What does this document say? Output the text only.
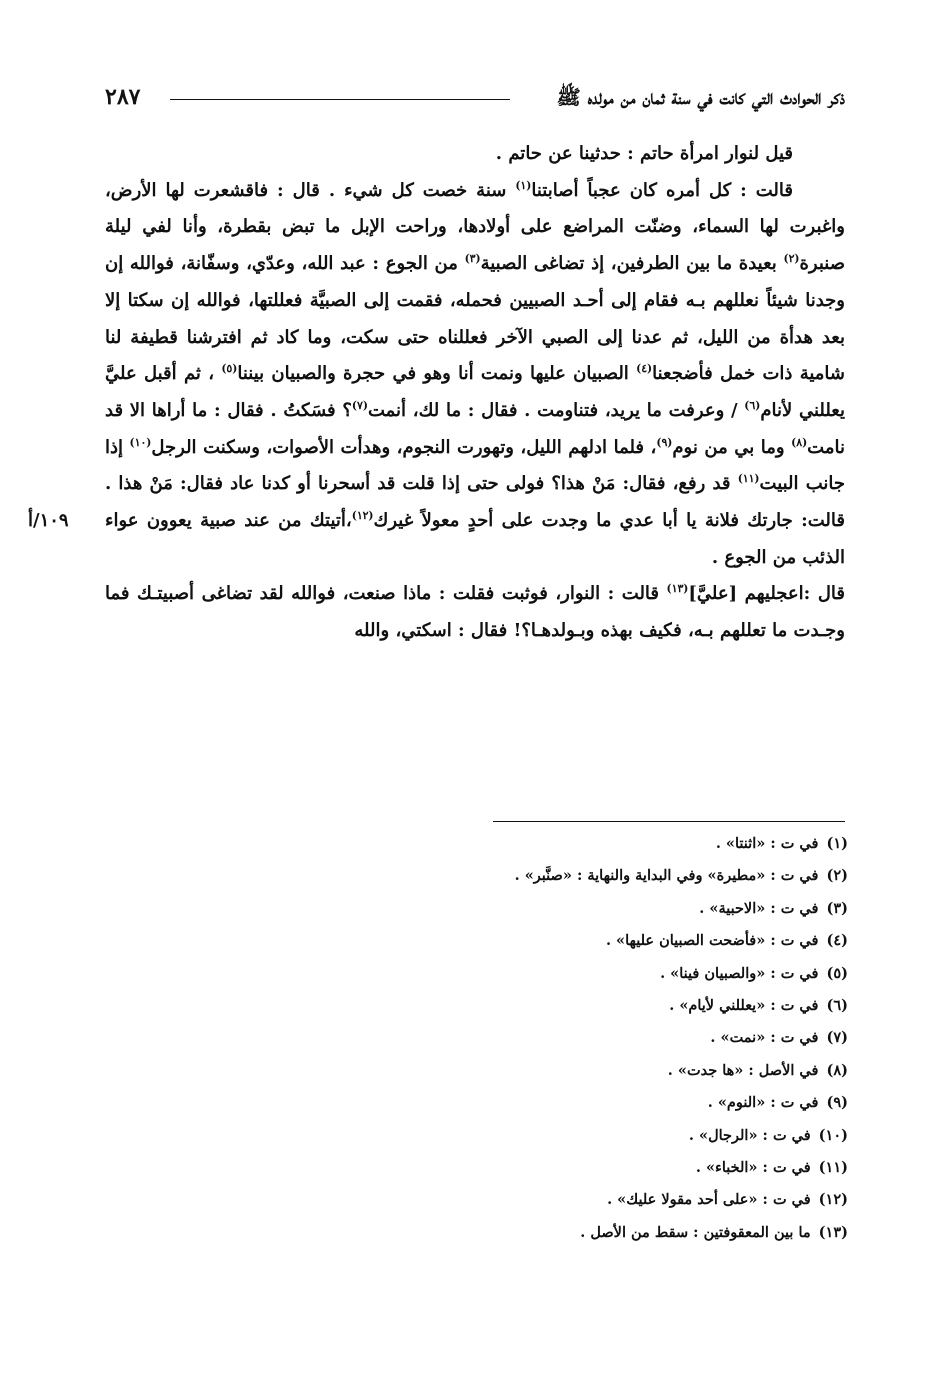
ذكر الحوادث التي كانت في سنة ثمان من مولده ﷺ
٢٨٧

قيل لنوار امرأة حاتم : حدثينا عن حاتم .

قالت : كل أمره كان عجباً أصابتنا$^{(١)}$ سنة خصت كل شيء . قال : فاقشعرت لها الأرض، واغبرت لها السماء، وضنّت المراضع على أولادها، وراحت الإبل ما تبض بقطرة، وأنا لفي ليلة صنبرة$^{(٢)}$ بعيدة ما بين الطرفين، إذ تضاغى الصبية$^{(٣)}$ من الجوع : عبد الله، وعدّي، وسفّانة، فوالله إن وجدنا شيئاً نعللهم بـه فقام إلى أحـد الصبيين فحمله، فقمت إلى الصبيَّة فعللتها، فوالله إن سكتا إلا بعد هدأة من الليل، ثم عدنا إلى الصبي الآخر فعللناه حتى سكت، وما كاد ثم افترشنا قطيفة لنا شامية ذات خمل فأضجعنا$^{(٤)}$ الصبيان عليها ونمت أنا وهو في حجرة والصبيان بيننا$^{(٥)}$ ، ثم أقبل عليَّ يعللني لأنام$^{(٦)}$ / وعرفت ما يريد، فتناومت . فقال : ما لك، أنمت$^{(٧)}$؟ فسَكتُ . فقال : ما أراها الا قد نامت$^{(٨)}$ وما بي من نوم$^{(٩)}$، فلما ادلهم الليل، وتهورت النجوم، وهدأت الأصوات، وسكنت الرجل$^{(١٠)}$ إذا جانب البيت$^{(١١)}$ قد رفع، فقال: مَنْ هذا؟ فولى حتى إذا قلت قد أسحرنا أو كدنا عاد فقال: مَنْ هذا . قالت: جارتك فلانة يا أبا عدي ما وجدت على أحدٍ معولاً غيرك$^{(١٢)}$،أتيتك من عند صبية يعوون عواء الذئب من الجوع .

قال :اعجليهم [عليَّ]$^{(١٣)}$ قالت : النوار، فوثبت فقلت : ماذا صنعت، فوالله لقد تضاغى أصبيتـك فما وجـدت ما تعللهم بـه، فكيف بهذه وبـولدهـا؟! فقال : اسكتي، والله

١٠٩/أ

(١)في ت : «اثنتا» .

(٢)في ت : «مطيرة» وفي البداية والنهاية : «صنَّبر» .

(٣)في ت : «الاحبية» .

(٤)في ت : «فأضحت الصبيان عليها» .

(٥)في ت : «والصبيان فينا» .

(٦)في ت : «يعللني لأيام» .

(٧)في ت : «نمت» .

(٨)في الأصل : «ها جدت» .

(٩)في ت : «النوم» .

(١٠)في ت : «الرجال» .

(١١)في ت : «الخباء» .

(١٢)في ت : «على أحد مقولا عليك» .

(١٣)ما بين المعقوفتين : سقط من الأصل .
